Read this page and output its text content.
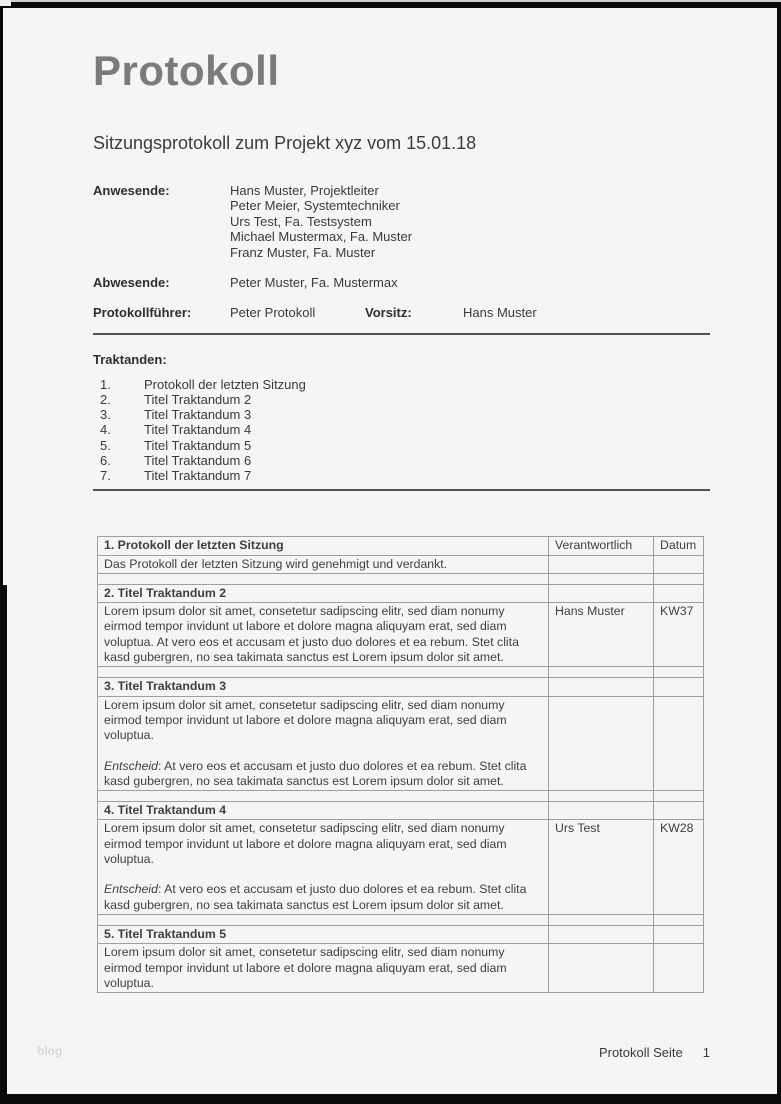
Protokoll
Sitzungsprotokoll zum Projekt xyz vom 15.01.18
Anwesende:	Hans Muster, Projektleiter
Peter Meier, Systemtechniker
Urs Test, Fa. Testsystem
Michael Mustermax, Fa. Muster
Franz Muster, Fa. Muster
Abwesende:	Peter Muster, Fa. Mustermax
Protokollführer:	Peter Protokoll	Vorsitz:	Hans Muster
Traktanden:
1.	Protokoll der letzten Sitzung
2.	Titel Traktandum 2
3.	Titel Traktandum 3
4.	Titel Traktandum 4
5.	Titel Traktandum 5
6.	Titel Traktandum 6
7.	Titel Traktandum 7
1. Protokoll der letzten Sitzung	Verantwortlich	Datum
Das Protokoll der letzten Sitzung wird genehmigt und verdankt.		

2. Titel Traktandum 2		
Lorem ipsum dolor sit amet, consetetur sadipscing elitr, sed diam nonumy eirmod tempor invidunt ut labore et dolore magna aliquyam erat, sed diam voluptua. At vero eos et accusam et justo duo dolores et ea rebum. Stet clita kasd gubergren, no sea takimata sanctus est Lorem ipsum dolor sit amet.	Hans Muster	KW37

3. Titel Traktandum 3		

Lorem ipsum dolor sit amet, consetetur sadipscing elitr, sed diam nonumy eirmod tempor invidunt ut labore et dolore magna aliquyam erat, sed diam voluptua.

Entscheid: At vero eos et accusam et justo duo dolores et ea rebum. Stet clita kasd gubergren, no sea takimata sanctus est Lorem ipsum dolor sit amet.		

4. Titel Traktandum 4		

Lorem ipsum dolor sit amet, consetetur sadipscing elitr, sed diam nonumy eirmod tempor invidunt ut labore et dolore magna aliquyam erat, sed diam voluptua.

Entscheid: At vero eos et accusam et justo duo dolores et ea rebum. Stet clita kasd gubergren, no sea takimata sanctus est Lorem ipsum dolor sit amet.	Urs Test	KW28

5. Titel Traktandum 5		
Lorem ipsum dolor sit amet, consetetur sadipscing elitr, sed diam nonumy eirmod tempor invidunt ut labore et dolore magna aliquyam erat, sed diam voluptua.		
blog	Protokoll Seite 1
